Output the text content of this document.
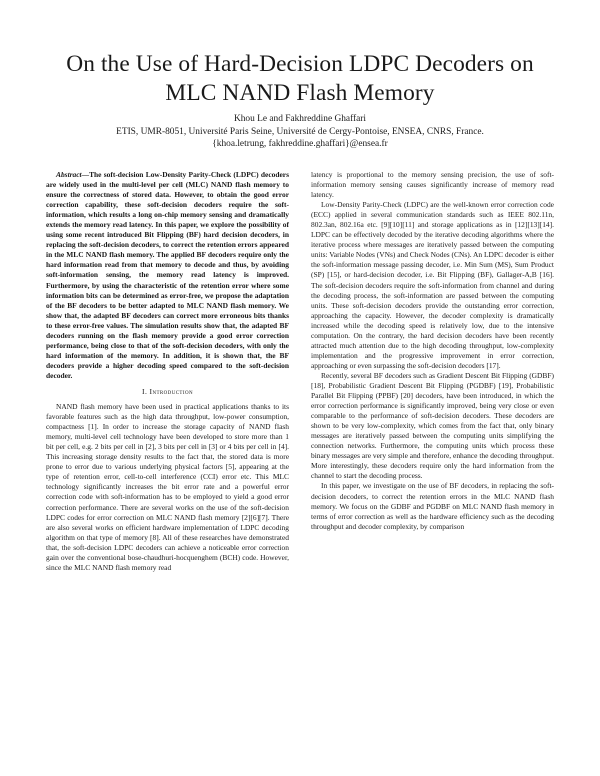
On the Use of Hard-Decision LDPC Decoders on
MLC NAND Flash Memory
Khou Le and Fakhreddine Ghaffari
ETIS, UMR-8051, Université Paris Seine, Université de Cergy-Pontoise, ENSEA, CNRS, France.
{khoa.letrung, fakhreddine.ghaffari}@ensea.fr

Abstract—The soft-decision Low-Density Parity-Check (LDPC) decoders are widely used in the multi-level per cell (MLC) NAND flash memory to ensure the correctness of stored data. However, to obtain the good error correction capability, these soft-decision decoders require the soft-information, which results a long on-chip memory sensing and dramatically extends the memory read latency. In this paper, we explore the possibility of using some recent introduced Bit Flipping (BF) hard decision decoders, in replacing the soft-decision decoders, to correct the retention errors appeared in the MLC NAND flash memory. The applied BF decoders require only the hard information read from that memory to decode and thus, by avoiding soft-information sensing, the memory read latency is improved. Furthermore, by using the characteristic of the retention error where some information bits can be determined as error-free, we propose the adaptation of the BF decoders to be better adapted to MLC NAND flash memory. We show that, the adapted BF decoders can correct more erroneous bits thanks to these error-free values. The simulation results show that, the adapted BF decoders running on the flash memory provide a good error correction performance, being close to that of the soft-decision decoders, with only the hard information of the memory. In addition, it is shown that, the BF decoders provide a higher decoding speed compared to the soft-decision decoder.

I. Introduction

NAND flash memory have been used in practical applications thanks to its favorable features such as the high data throughput, low-power consumption, compactness [1]. In order to increase the storage capacity of NAND flash memory, multi-level cell technology have been developed to store more than 1 bit per cell, e.g. 2 bits per cell in [2], 3 bits per cell in [3] or 4 bits per cell in [4]. This increasing storage density results to the fact that, the stored data is more prone to error due to various underlying physical factors [5], appearing at the type of retention error, cell-to-cell interference (CCI) error etc. This MLC technology significantly increases the bit error rate and a powerful error correction code with soft-information has to be employed to yield a good error correction performance. There are several works on the use of the soft-decision LDPC codes for error correction on MLC NAND flash memory [2][6][7]. There are also several works on efficient hardware implementation of LDPC decoding algorithm on that type of memory [8]. All of these researches have demonstrated that, the soft-decision LDPC decoders can achieve a noticeable error correction gain over the conventional bose-chaudhuri-hocquenghem (BCH) code. However, since the MLC NAND flash memory read

latency is proportional to the memory sensing precision, the use of soft-information memory sensing causes significantly increase of memory read latency.

Low-Density Parity-Check (LDPC) are the well-known error correction code (ECC) applied in several communication standards such as IEEE 802.11n, 802.3an, 802.16a etc. [9][10][11] and storage applications as in [12][13][14]. LDPC can be effectively decoded by the iterative decoding algorithms where the iterative process where messages are iteratively passed between the computing units: Variable Nodes (VNs) and Check Nodes (CNs). An LDPC decoder is either the soft-information message passing decoder, i.e. Min Sum (MS), Sum Product (SP) [15], or hard-decision decoder, i.e. Bit Flipping (BF), Gallager-A,B [16]. The soft-decision decoders require the soft-information from channel and during the decoding process, the soft-information are passed between the computing units. These soft-decision decoders provide the outstanding error correction, approaching the capacity. However, the decoder complexity is dramatically increased while the decoding speed is relatively low, due to the intensive computation. On the contrary, the hard decision decoders have been recently attracted much attention due to the high decoding throughput, low-complexity implementation and the progressive improvement in error correction, approaching or even surpassing the soft-decision decoders [17].

Recently, several BF decoders such as Gradient Descent Bit Flipping (GDBF) [18], Probabilistic Gradient Descent Bit Flipping (PGDBF) [19], Probabilistic Parallel Bit Flipping (PPBF) [20] decoders, have been introduced, in which the error correction performance is significantly improved, being very close or even comparable to the performance of soft-decision decoders. These decoders are shown to be very low-complexity, which comes from the fact that, only binary messages are iteratively passed between the computing units simplifying the connection networks. Furthermore, the computing units which process these binary messages are very simple and therefore, enhance the decoding throughput. More interestingly, these decoders require only the hard information from the channel to start the decoding process.

In this paper, we investigate on the use of BF decoders, in replacing the soft-decision decoders, to correct the retention errors in the MLC NAND flash memory. We focus on the GDBF and PGDBF on MLC NAND flash memory in terms of error correction as well as the hardware efficiency such as the decoding throughput and decoder complexity, by comparison
